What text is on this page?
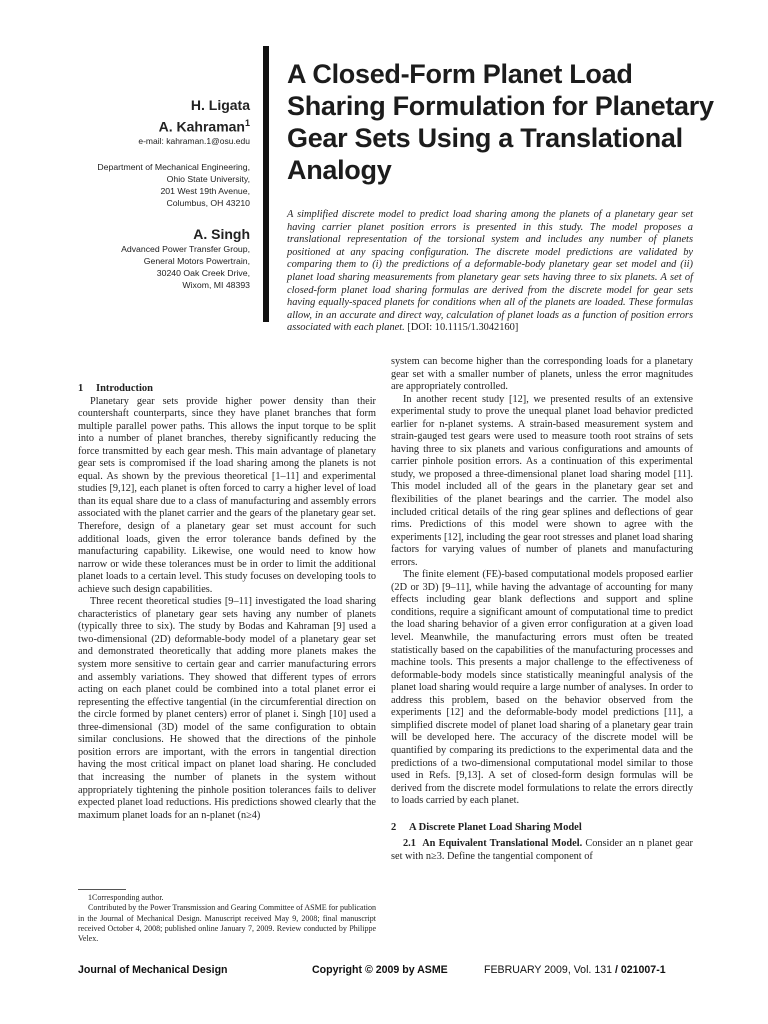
H. Ligata
A. Kahraman$^1$
e-mail: kahraman.1@osu.edu
Department of Mechanical Engineering,
Ohio State University,
201 West 19th Avenue,
Columbus, OH 43210
A. Singh
Advanced Power Transfer Group,
General Motors Powertrain,
30240 Oak Creek Drive,
Wixom, MI 48393
A Closed-Form Planet Load Sharing Formulation for Planetary Gear Sets Using a Translational Analogy
A simplified discrete model to predict load sharing among the planets of a planetary gear set having carrier planet position errors is presented in this study. The model proposes a translational representation of the torsional system and includes any number of planets positioned at any spacing configuration. The discrete model predictions are validated by comparing them to (i) the predictions of a deformable-body planetary gear set model and (ii) planet load sharing measurements from planetary gear sets having three to six planets. A set of closed-form planet load sharing formulas are derived from the discrete model for gear sets having equally-spaced planets for conditions when all of the planets are loaded. These formulas allow, in an accurate and direct way, calculation of planet loads as a function of position errors associated with each planet. [DOI: 10.1115/1.3042160]

1 Introduction

Planetary gear sets provide higher power density than their countershaft counterparts, since they have planet branches that form multiple parallel power paths. This allows the input torque to be split into a number of planet branches, thereby significantly reducing the force transmitted by each gear mesh. This main advantage of planetary gear sets is compromised if the load sharing among the planets is not equal. As shown by the previous theoretical [1–11] and experimental studies [9,12], each planet is often forced to carry a higher level of load than its equal share due to a class of manufacturing and assembly errors associated with the planet carrier and the gears of the planetary gear set. Therefore, design of a planetary gear set must account for such additional loads, given the error tolerance bands defined by the manufacturing capability. Likewise, one would need to know how narrow or wide these tolerances must be in order to limit the additional planet loads to a certain level. This study focuses on developing tools to achieve such design capabilities.

Three recent theoretical studies [9–11] investigated the load sharing characteristics of planetary gear sets having any number of planets (typically three to six). The study by Bodas and Kahraman [9] used a two-dimensional (2D) deformable-body model of a planetary gear set and demonstrated theoretically that adding more planets makes the system more sensitive to certain gear and carrier manufacturing errors and assembly variations. They showed that different types of errors acting on each planet could be combined into a total planet error ei representing the effective tangential (in the circumferential direction on the circle formed by planet centers) error of planet i. Singh [10] used a three-dimensional (3D) model of the same configuration to obtain similar conclusions. He showed that the directions of the pinhole position errors are important, with the errors in tangential direction having the most critical impact on planet load sharing. He concluded that increasing the number of planets in the system without appropriately tightening the pinhole position tolerances fails to deliver expected planet load reductions. His predictions showed clearly that the maximum planet loads for an n-planet (n≥4)

1Corresponding author.

Contributed by the Power Transmission and Gearing Committee of ASME for publication in the Journal of Mechanical Design. Manuscript received May 9, 2008; final manuscript received October 4, 2008; published online January 7, 2009. Review conducted by Philippe Velex.

system can become higher than the corresponding loads for a planetary gear set with a smaller number of planets, unless the error magnitudes are appropriately controlled.

In another recent study [12], we presented results of an extensive experimental study to prove the unequal planet load behavior predicted earlier for n-planet systems. A strain-based measurement system and strain-gauged test gears were used to measure tooth root strains of sets having three to six planets and various configurations and amounts of carrier pinhole position errors. As a continuation of this experimental study, we proposed a three-dimensional planet load sharing model [11]. This model included all of the gears in the planetary gear set and flexibilities of the planet bearings and the carrier. The model also included critical details of the ring gear splines and deflections of gear rims. Predictions of this model were shown to agree with the experiments [12], including the gear root stresses and planet load sharing factors for varying values of number of planets and manufacturing errors.

The finite element (FE)-based computational models proposed earlier (2D or 3D) [9–11], while having the advantage of accounting for many effects including gear blank deflections and support and spline conditions, require a significant amount of computational time to predict the load sharing behavior of a given error configuration at a given load level. Meanwhile, the manufacturing errors must often be treated statistically based on the capabilities of the manufacturing processes and machine tools. This presents a major challenge to the effectiveness of deformable-body models since statistically meaningful analysis of the planet load sharing would require a large number of analyses. In order to address this problem, based on the behavior observed from the experiments [12] and the deformable-body model predictions [11], a simplified discrete model of planet load sharing of a planetary gear train will be developed here. The accuracy of the discrete model will be quantified by comparing its predictions to the experimental data and the predictions of a two-dimensional computational model similar to those used in Refs. [9,13]. A set of closed-form design formulas will be derived from the discrete model formulations to relate the errors directly to loads carried by each planet.

2 A Discrete Planet Load Sharing Model

2.1 An Equivalent Translational Model. Consider an n planet gear set with n≥3. Define the tangential component of

Journal of Mechanical Design	Copyright © 2009 by ASME	FEBRUARY 2009, Vol. 131 / 021007-1
